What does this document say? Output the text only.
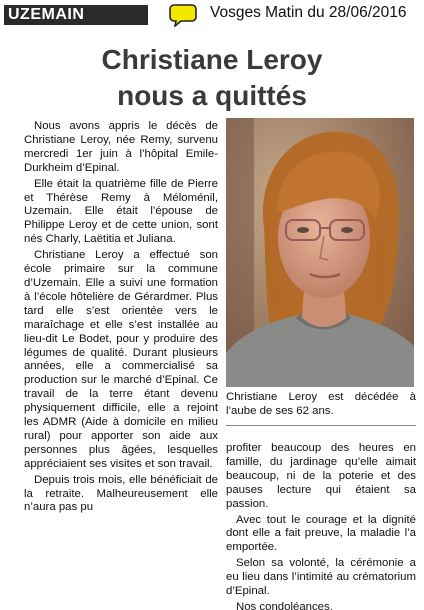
UZEMAIN	Vosges Matin du 28/06/2016
Christiane Leroy
nous a quittés

Nous avons appris le décès de Christiane Leroy, née Remy, survenu mercredi 1er juin à l’hôpital Emile-Durkheim d’Epinal.

Elle était la quatrième fille de Pierre et Thérèse Remy à Méloménil, Uzemain. Elle était l’épouse de Philippe Leroy et de cette union, sont nés Charly, Laëtitia et Juliana.

Christiane Leroy a effectué son école primaire sur la commune d’Uzemain. Elle a suivi une formation à l’école hôtelière de Gérardmer. Plus tard elle s’est orientée vers le maraîchage et elle s’est installée au lieu-dit Le Bodet, pour y produire des légumes de qualité. Durant plusieurs années, elle a commercialisé sa production sur le marché d’Epinal. Ce travail de la terre étant devenu physiquement difficile, elle a rejoint les ADMR (Aide à domicile en milieu rural) pour apporter son aide aux personnes plus âgées, lesquelles appréciaient ses visites et son travail.

Depuis trois mois, elle bénéficiait de la retraite. Malheureusement elle n’aura pas pu

Christiane Leroy est décédée à l’aube de ses 62 ans.

profiter beaucoup des heures en famille, du jardinage qu’elle aimait beaucoup, ni de la poterie et des pauses lecture qui étaient sa passion.

Avec tout le courage et la dignité dont elle a fait preuve, la maladie l’a emportée.

Selon sa volonté, la cérémonie a eu lieu dans l’intimité au crématorium d’Epinal.

Nos condoléances.
